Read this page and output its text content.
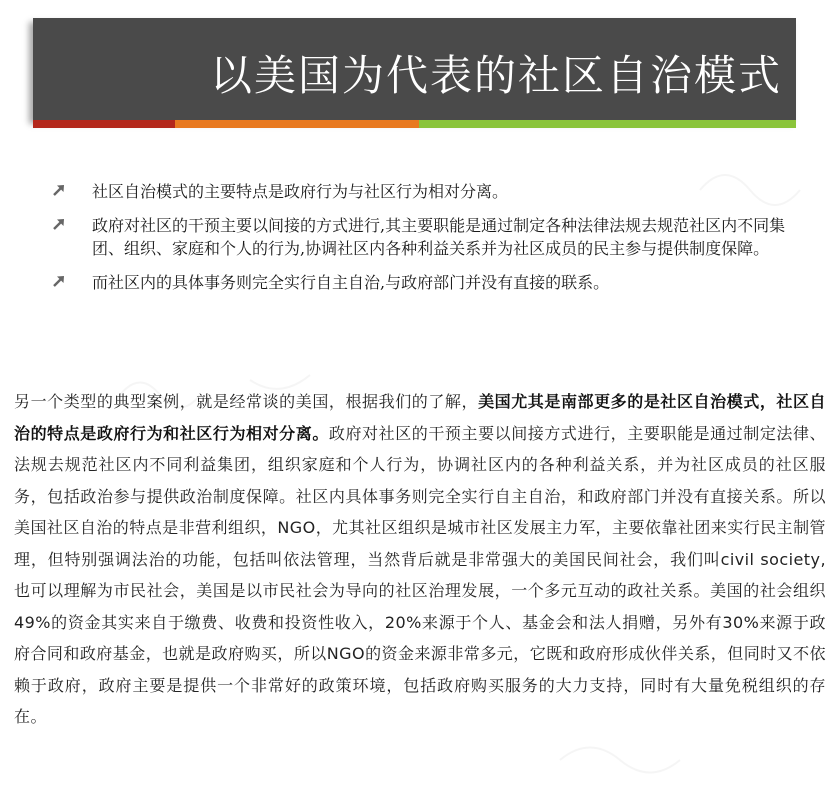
以美国为代表的社区自治模式
社区自治模式的主要特点是政府行为与社区行为相对分离。
政府对社区的干预主要以间接的方式进行,其主要职能是通过制定各种法律法规去规范社区内不同集团、组织、家庭和个人的行为,协调社区内各种利益关系并为社区成员的民主参与提供制度保障。
而社区内的具体事务则完全实行自主自治,与政府部门并没有直接的联系。

另一个类型的典型案例，就是经常谈的美国，根据我们的了解，美国尤其是南部更多的是社区自治模式，社区自治的特点是政府行为和社区行为相对分离。政府对社区的干预主要以间接方式进行，主要职能是通过制定法律、法规去规范社区内不同利益集团，组织家庭和个人行为，协调社区内的各种利益关系，并为社区成员的社区服务，包括政治参与提供政治制度保障。社区内具体事务则完全实行自主自治，和政府部门并没有直接关系。所以美国社区自治的特点是非营利组织，NGO，尤其社区组织是城市社区发展主力军，主要依靠社团来实行民主制管理，但特别强调法治的功能，包括叫依法管理，当然背后就是非常强大的美国民间社会，我们叫civil society,也可以理解为市民社会，美国是以市民社会为导向的社区治理发展，一个多元互动的政社关系。美国的社会组织49%的资金其实来自于缴费、收费和投资性收入，20%来源于个人、基金会和法人捐赠，另外有30%来源于政府合同和政府基金，也就是政府购买，所以NGO的资金来源非常多元，它既和政府形成伙伴关系，但同时又不依赖于政府，政府主要是提供一个非常好的政策环境，包括政府购买服务的大力支持，同时有大量免税组织的存在。
